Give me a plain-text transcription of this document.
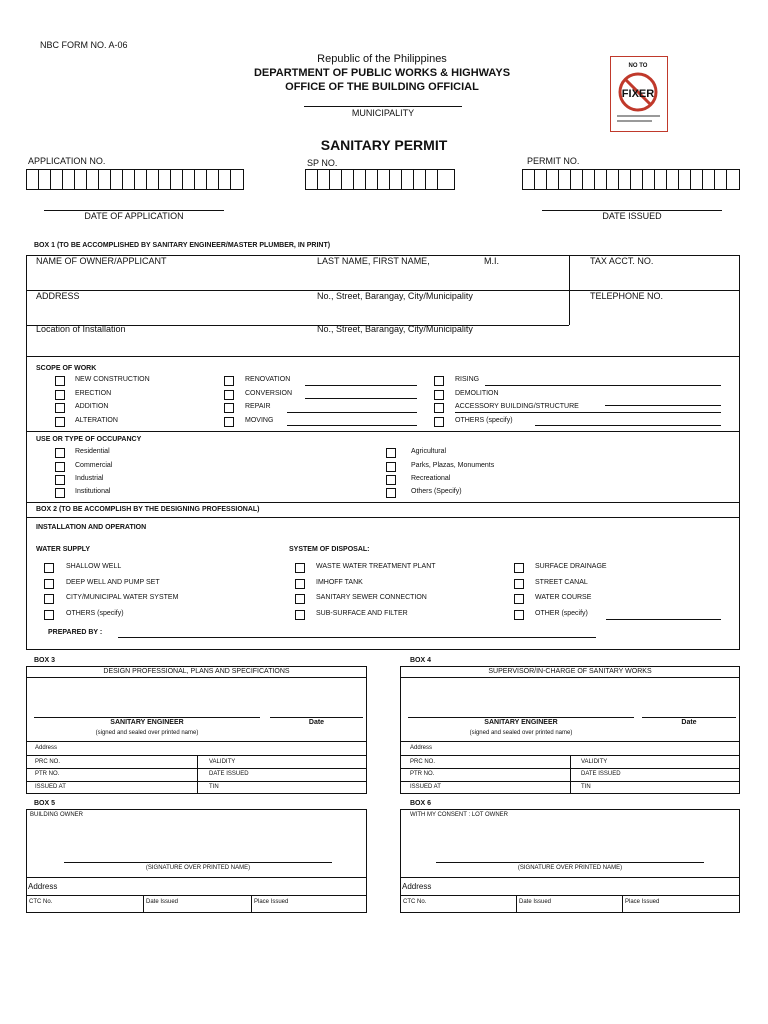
NBC FORM NO. A-06
Republic of the Philippines
DEPARTMENT OF PUBLIC WORKS & HIGHWAYS
OFFICE OF THE BUILDING OFFICIAL
MUNICIPALITY
SANITARY PERMIT
NO TO
FIXER
APPLICATION NO.	SP NO.	PERMIT NO.
DATE OF APPLICATION	DATE ISSUED
BOX 1 (TO BE ACCOMPLISHED BY SANITARY ENGINEER/MASTER PLUMBER, IN PRINT)
NAME OF OWNER/APPLICANT	LAST NAME, FIRST NAME,	M.I.	TAX ACCT. NO.
ADDRESS	No., Street, Barangay, City/Municipality	TELEPHONE NO.
Location of Installation	No., Street, Barangay, City/Municipality
SCOPE OF WORK
NEW CONSTRUCTION
ERECTION
ADDITION
ALTERATION
RENOVATION
CONVERSION
REPAIR
MOVING
RISING
DEMOLITION
ACCESSORY BUILDING/STRUCTURE
OTHERS (specify)
USE OR TYPE OF OCCUPANCY
Residential
Commercial
Industrial
Institutional
Agricultural
Parks, Plazas, Monuments
Recreational
Others (Specify)
BOX 2 (TO BE ACCOMPLISH BY THE DESIGNING PROFESSIONAL)
INSTALLATION AND OPERATION
WATER SUPPLY
SHALLOW WELL
DEEP WELL AND PUMP SET
CITY/MUNICIPAL WATER SYSTEM
OTHERS (specify)
SYSTEM OF DISPOSAL:
WASTE WATER TREATMENT PLANT
IMHOFF TANK
SANITARY SEWER CONNECTION
SUB-SURFACE AND FILTER
SURFACE DRAINAGE
STREET CANAL
WATER COURSE
OTHER (specify)
PREPARED BY :
BOX 3
DESIGN PROFESSIONAL, PLANS AND SPECIFICATIONS
SANITARY ENGINEER	Date
(signed and sealed over printed name)
Address
PRC NO.	VALIDITY
PTR NO.	DATE ISSUED
ISSUED AT	TIN
BOX 4
SUPERVISOR/IN-CHARGE OF SANITARY WORKS
SANITARY ENGINEER	Date
(signed and sealed over printed name)
Address
PRC NO.	VALIDITY
PTR NO.	DATE ISSUED
ISSUED AT	TIN
BOX 5
BUILDING OWNER
(SIGNATURE OVER PRINTED NAME)
Address
CTC No.	Date Issued	Place Issued
BOX 6
WITH MY CONSENT : LOT OWNER
(SIGNATURE OVER PRINTED NAME)
Address
CTC No.	Date Issued	Place Issued
